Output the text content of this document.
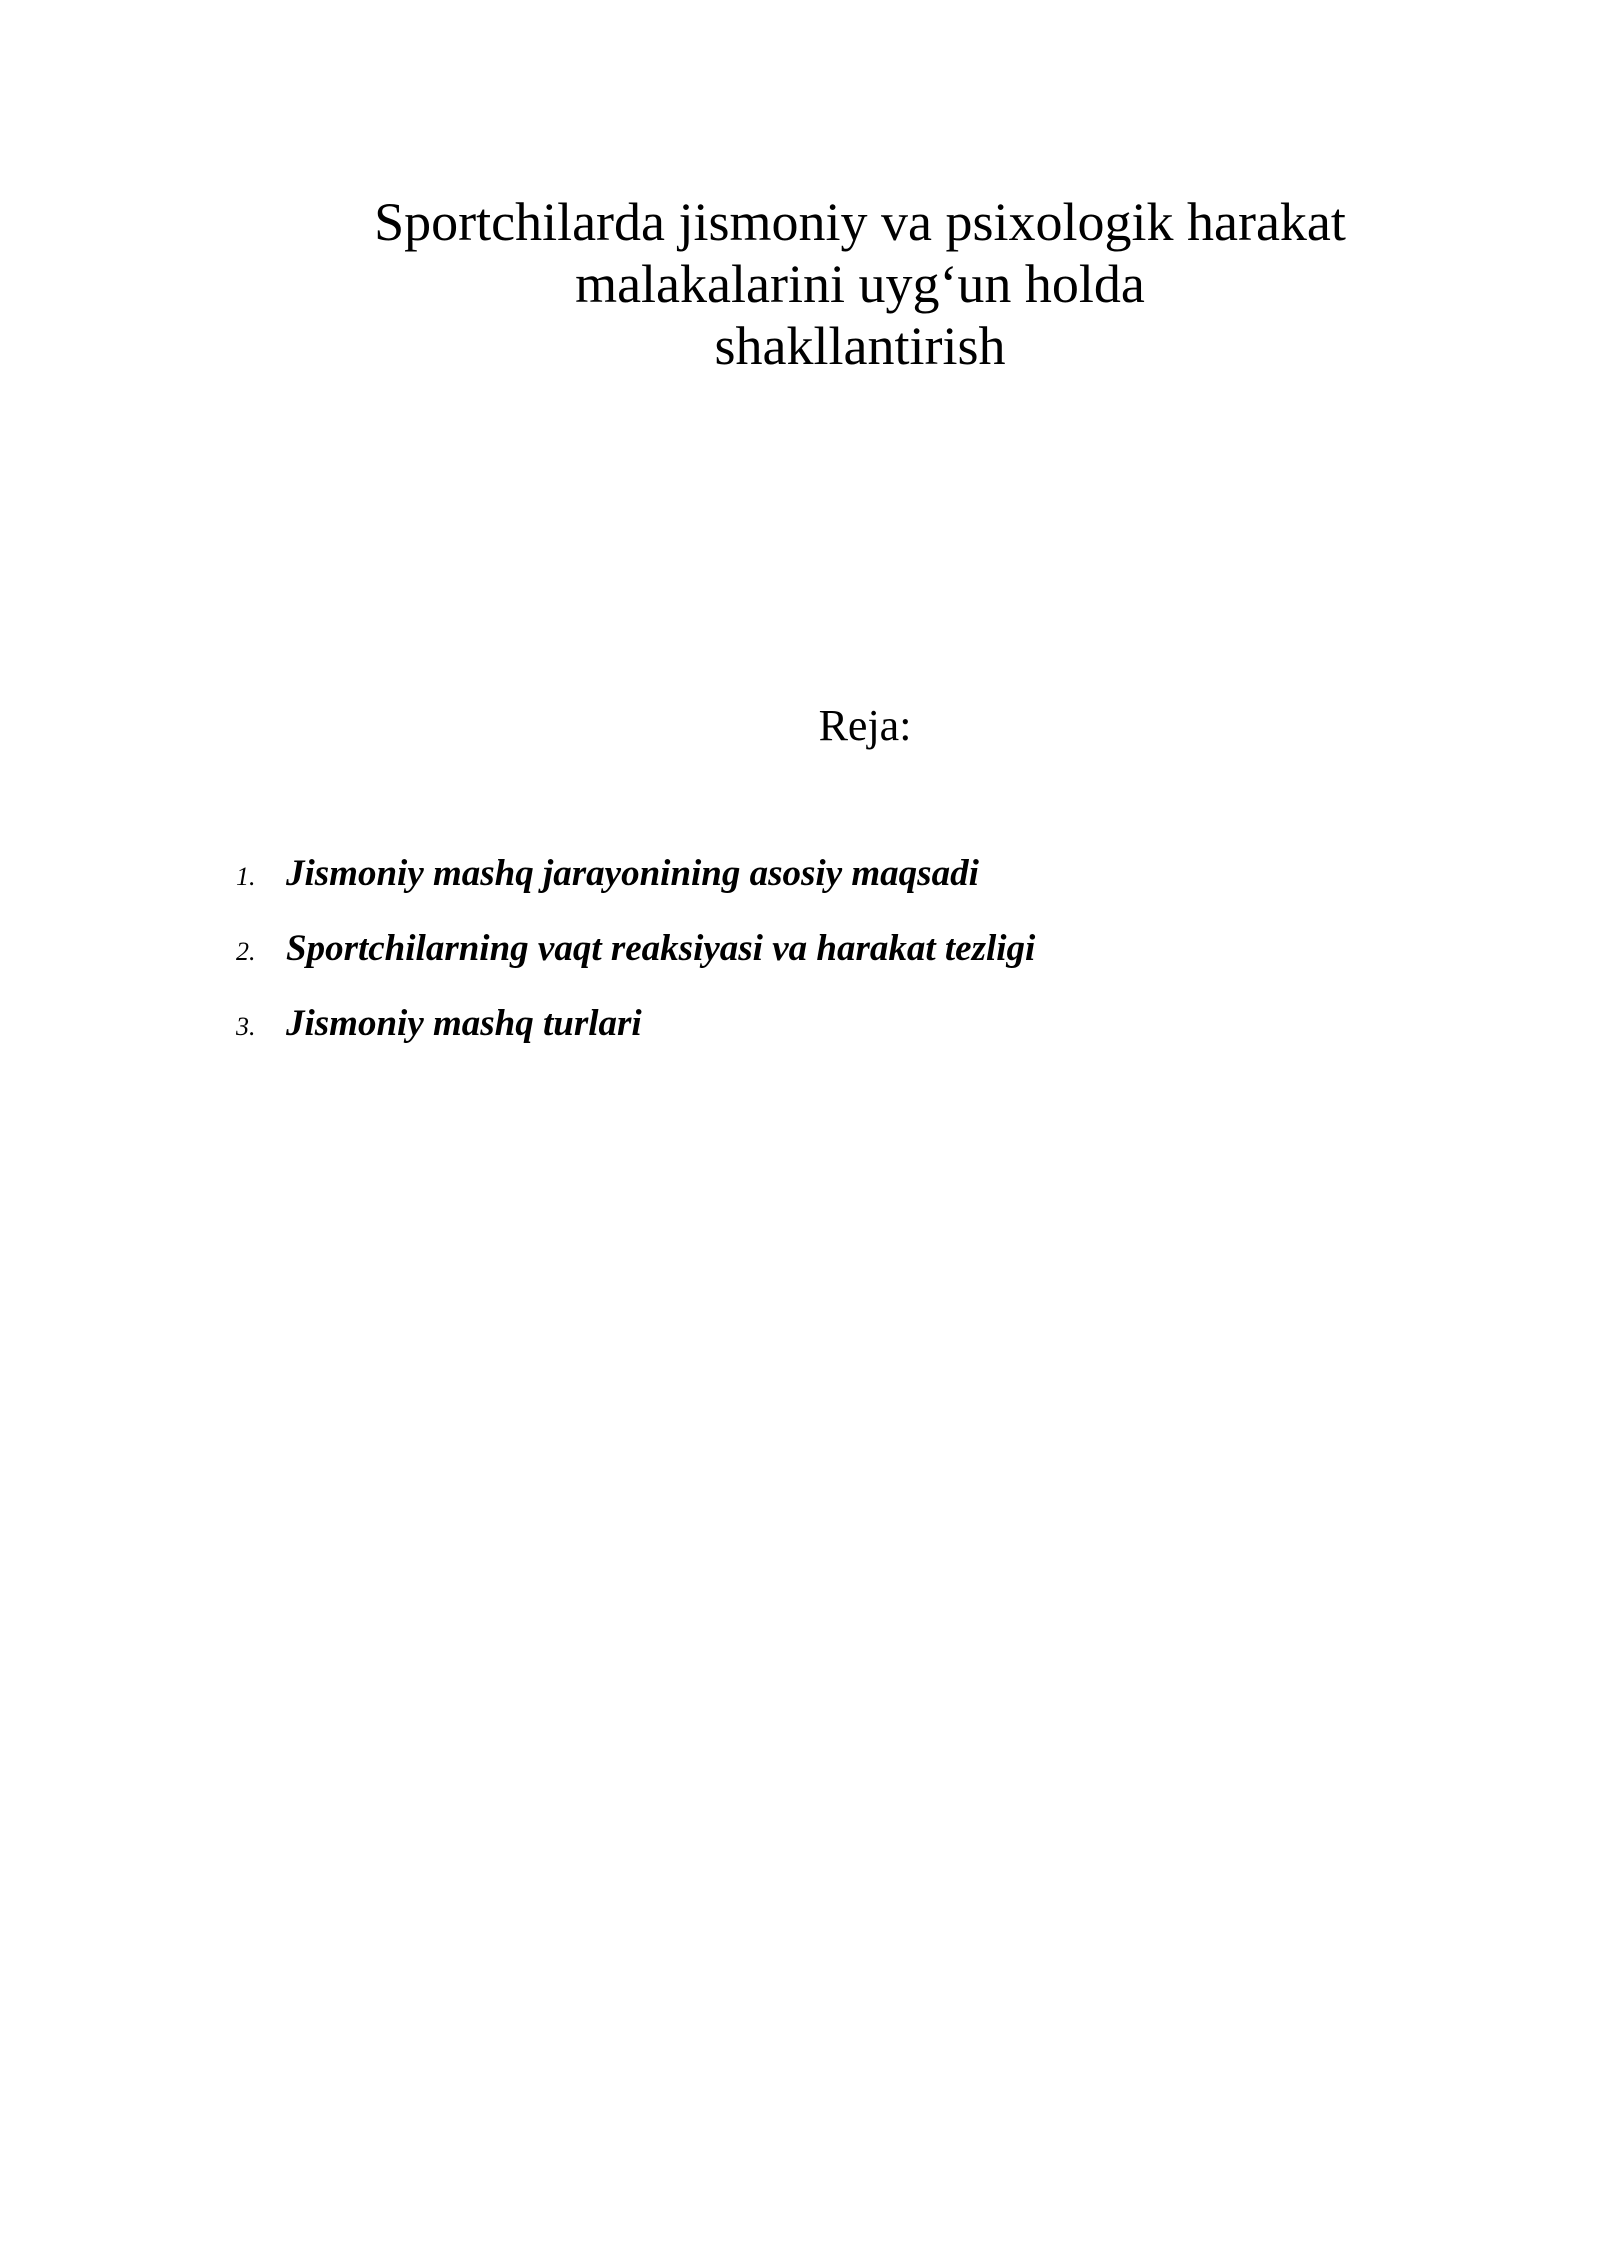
Sportchilarda jismoniy va psixologik harakat
malakalarini uyg‘un holda
shakllantirish
Reja:
1. Jismoniy mashq jarayonining asosiy maqsadi
2. Sportchilarning vaqt reaksiyasi va harakat tezligi
3. Jismoniy mashq turlari
